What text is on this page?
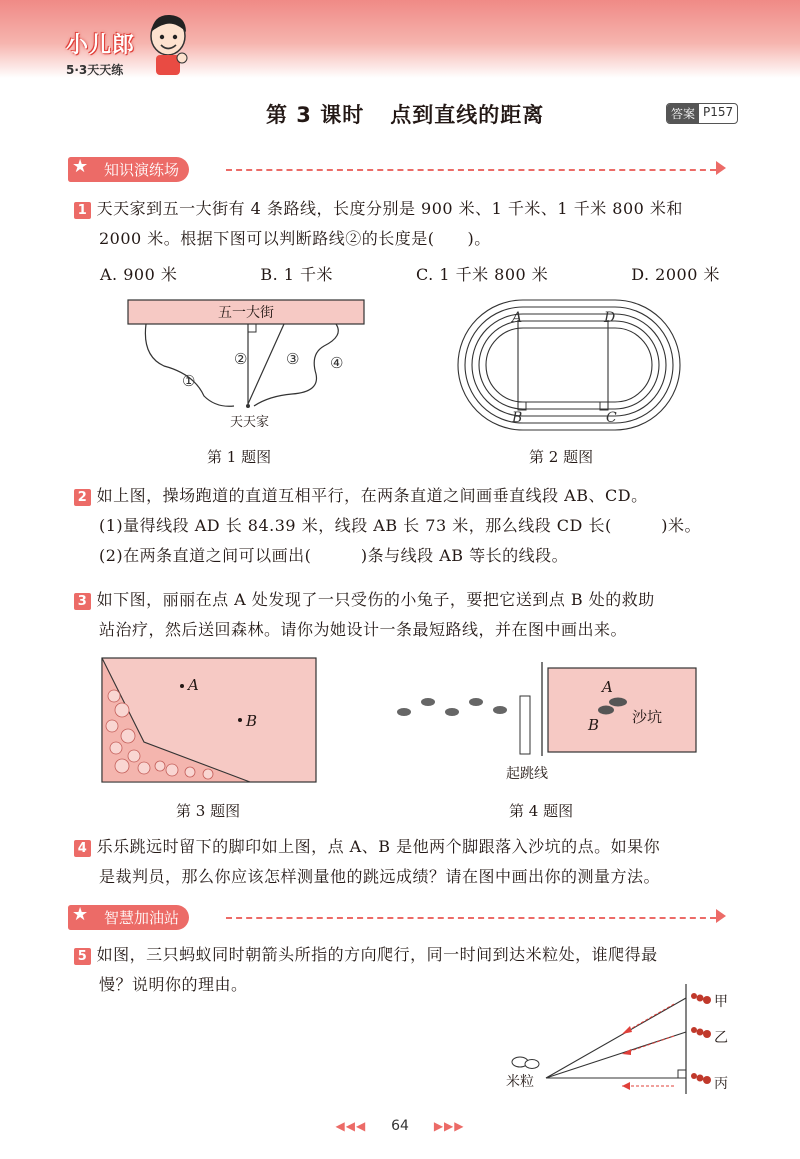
小儿郎
5·3天天练
第 3 课时 点到直线的距离	答案 P157
知识演练场
★
1 天天家到五一大街有 4 条路线，长度分别是 900 米、1 千米、1 千米 800 米和
2000 米。根据下图可以判断路线②的长度是(　　)。
A. 900 米	B. 1 千米	C. 1 千米 800 米	D. 2000 米
五一大街
①
②	③ ④
天天家
第 1 题图
A	D
B	C
第 2 题图
2 如上图，操场跑道的直道互相平行，在两条直道之间画垂直线段 AB、CD。
(1)量得线段 AD 长 84.39 米，线段 AB 长 73 米，那么线段 CD 长(　　　)米。
(2)在两条直道之间可以画出(　　　)条与线段 AB 等长的线段。
3 如下图，丽丽在点 A 处发现了一只受伤的小兔子，要把它送到点 B 处的救助
站治疗，然后送回森林。请你为她设计一条最短路线，并在图中画出来。
A
B
第 3 题图
A
B 沙坑
起跳线
第 4 题图
4 乐乐跳远时留下的脚印如上图，点 A、B 是他两个脚跟落入沙坑的点。如果你
是裁判员，那么你应该怎样测量他的跳远成绩？请在图中画出你的测量方法。
智慧加油站
★
5 如图，三只蚂蚁同时朝箭头所指的方向爬行，同一时间到达米粒处，谁爬得最
慢？说明你的理由。
米粒
甲
乙
丙
◀◀◀ 64 ▶▶▶
